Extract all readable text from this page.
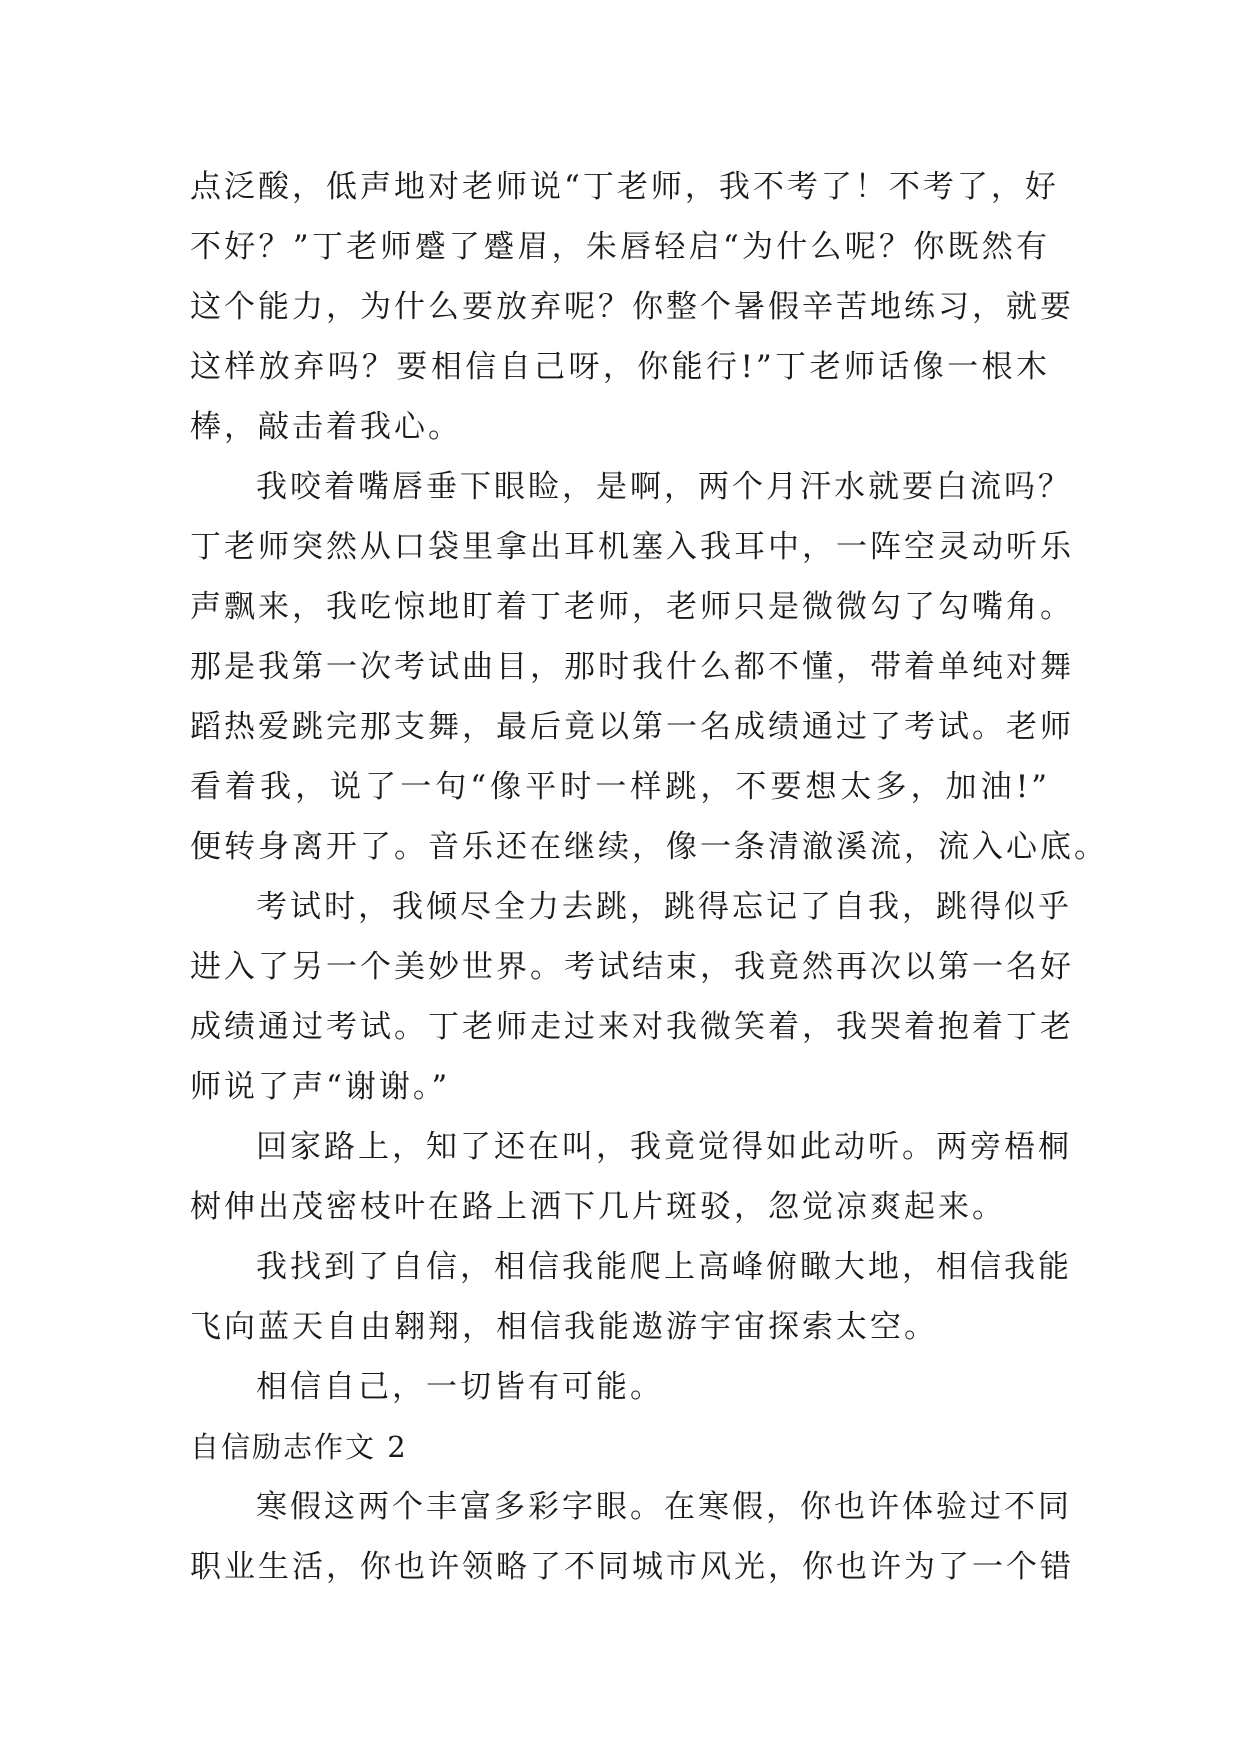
点泛酸，低声地对老师说“丁老师，我不考了！不考了，好
不好？”丁老师蹙了蹙眉，朱唇轻启“为什么呢？你既然有
这个能力，为什么要放弃呢？你整个暑假辛苦地练习，就要
这样放弃吗？要相信自己呀，你能行!”丁老师话像一根木
棒，敲击着我心。
我咬着嘴唇垂下眼睑，是啊，两个月汗水就要白流吗？
丁老师突然从口袋里拿出耳机塞入我耳中，一阵空灵动听乐
声飘来，我吃惊地盯着丁老师，老师只是微微勾了勾嘴角。
那是我第一次考试曲目，那时我什么都不懂，带着单纯对舞
蹈热爱跳完那支舞，最后竟以第一名成绩通过了考试。老师
看着我，说了一句“像平时一样跳，不要想太多，加油!”
便转身离开了。音乐还在继续，像一条清澈溪流，流入心底。
考试时，我倾尽全力去跳，跳得忘记了自我，跳得似乎
进入了另一个美妙世界。考试结束，我竟然再次以第一名好
成绩通过考试。丁老师走过来对我微笑着，我哭着抱着丁老
师说了声“谢谢。”
回家路上，知了还在叫，我竟觉得如此动听。两旁梧桐
树伸出茂密枝叶在路上洒下几片斑驳，忽觉凉爽起来。
我找到了自信，相信我能爬上高峰俯瞰大地，相信我能
飞向蓝天自由翱翔，相信我能遨游宇宙探索太空。
相信自己，一切皆有可能。
自信励志作文 2
寒假这两个丰富多彩字眼。在寒假，你也许体验过不同
职业生活，你也许领略了不同城市风光，你也许为了一个错
